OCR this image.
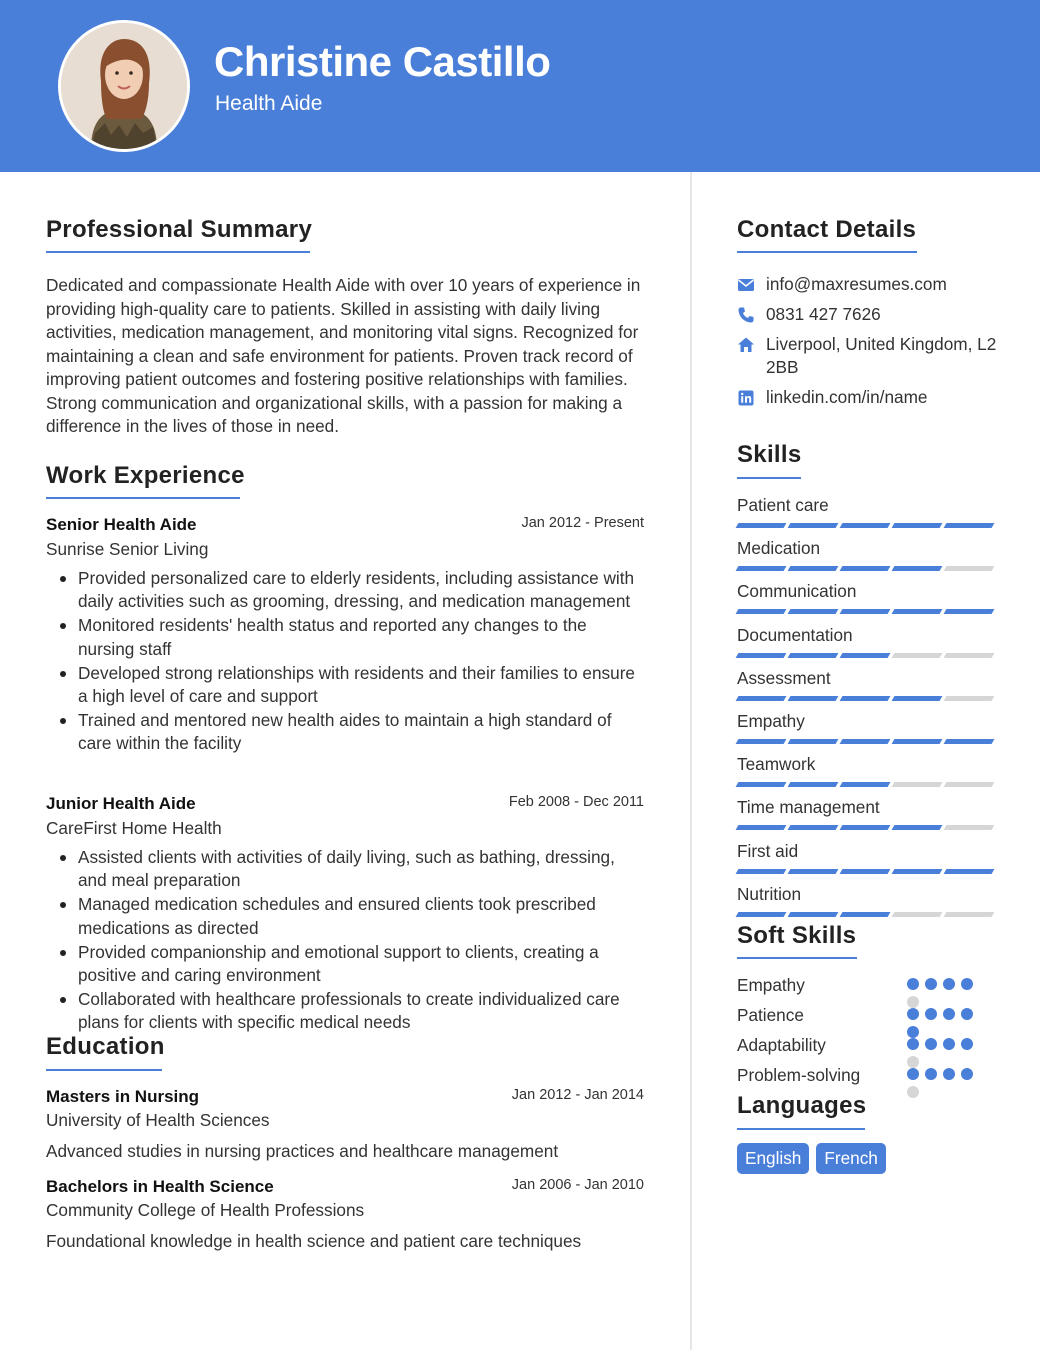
Christine Castillo
Health Aide
Professional Summary
Dedicated and compassionate Health Aide with over 10 years of experience in providing high-quality care to patients. Skilled in assisting with daily living activities, medication management, and monitoring vital signs. Recognized for maintaining a clean and safe environment for patients. Proven track record of improving patient outcomes and fostering positive relationships with families. Strong communication and organizational skills, with a passion for making a difference in the lives of those in need.
Work Experience
Senior Health Aide	Jan 2012 - Present
Sunrise Senior Living
Provided personalized care to elderly residents, including assistance with daily activities such as grooming, dressing, and medication management
Monitored residents' health status and reported any changes to the nursing staff
Developed strong relationships with residents and their families to ensure a high level of care and support
Trained and mentored new health aides to maintain a high standard of care within the facility
Junior Health Aide	Feb 2008 - Dec 2011
CareFirst Home Health
Assisted clients with activities of daily living, such as bathing, dressing, and meal preparation
Managed medication schedules and ensured clients took prescribed medications as directed
Provided companionship and emotional support to clients, creating a positive and caring environment
Collaborated with healthcare professionals to create individualized care plans for clients with specific medical needs
Education
Masters in Nursing	Jan 2012 - Jan 2014
University of Health Sciences
Advanced studies in nursing practices and healthcare management
Bachelors in Health Science	Jan 2006 - Jan 2010
Community College of Health Professions
Foundational knowledge in health science and patient care techniques
Contact Details
info@maxresumes.com
0831 427 7626
Liverpool, United Kingdom, L2 2BB
linkedin.com/in/name
Skills
Patient care
Medication
Communication
Documentation
Assessment
Empathy
Teamwork
Time management
First aid
Nutrition
Soft Skills
Empathy
Patience
Adaptability
Problem-solving
Languages
English	French
